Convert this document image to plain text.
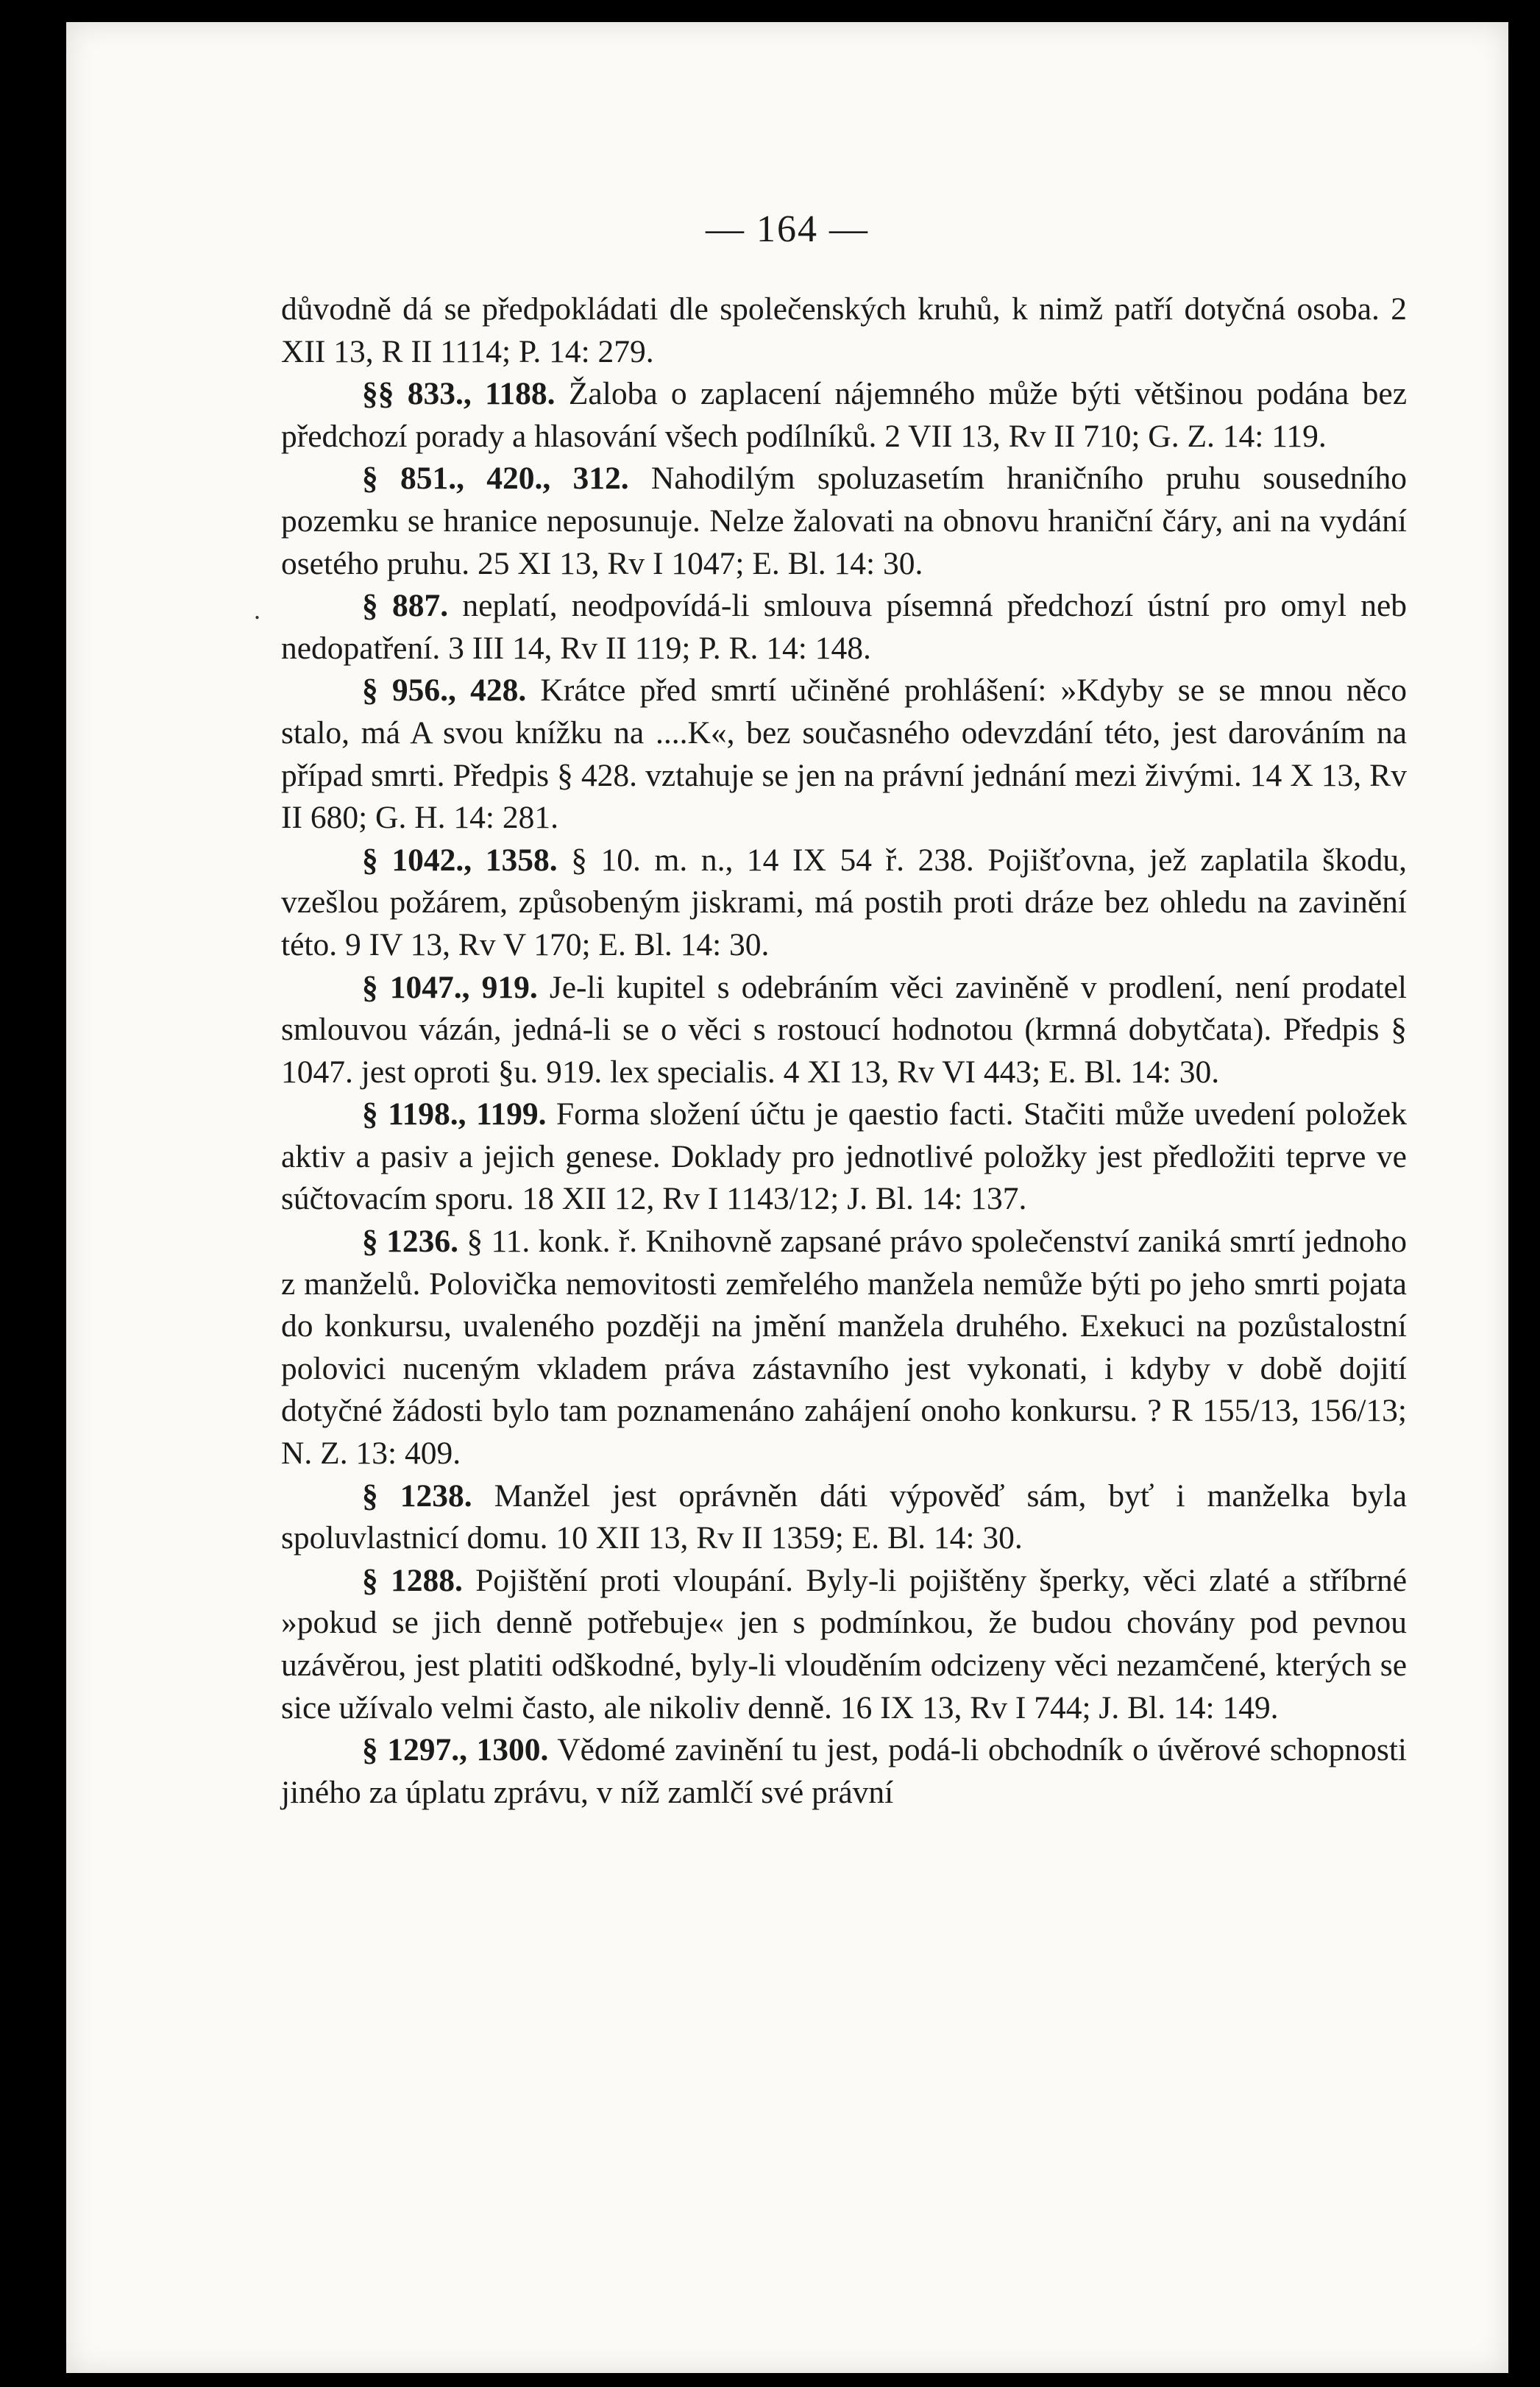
— 164 —
.

důvodně dá se předpokládati dle společenských kruhů, k nimž patří dotyčná osoba. 2 XII 13, R II 1114; P. 14: 279.

§§ 833., 1188. Žaloba o zaplacení nájemného může býti většinou podána bez předchozí porady a hlasování všech podílníků. 2 VII 13, Rv II 710; G. Z. 14: 119.

§ 851., 420., 312. Nahodilým spoluzasetím hraničního pruhu sousedního pozemku se hranice neposunuje. Nelze žalovati na obnovu hraniční čáry, ani na vydání osetého pruhu. 25 XI 13, Rv I 1047; E. Bl. 14: 30.

§ 887. neplatí, neodpovídá-li smlouva písemná předchozí ústní pro omyl neb nedopatření. 3 III 14, Rv II 119; P. R. 14: 148.

§ 956., 428. Krátce před smrtí učiněné prohlášení: »Kdyby se se mnou něco stalo, má A svou knížku na ....K«, bez současného odevzdání této, jest darováním na případ smrti. Předpis § 428. vztahuje se jen na právní jednání mezi živými. 14 X 13, Rv II 680; G. H. 14: 281.

§ 1042., 1358. § 10. m. n., 14 IX 54 ř. 238. Pojišťovna, jež zaplatila škodu, vzešlou požárem, způsobeným jiskrami, má postih proti dráze bez ohledu na zavinění této. 9 IV 13, Rv V 170; E. Bl. 14: 30.

§ 1047., 919. Je-li kupitel s odebráním věci zaviněně v prodlení, není prodatel smlouvou vázán, jedná-li se o věci s rostoucí hodnotou (krmná dobytčata). Předpis § 1047. jest oproti §u. 919. lex specialis. 4 XI 13, Rv VI 443; E. Bl. 14: 30.

§ 1198., 1199. Forma složení účtu je qaestio facti. Stačiti může uvedení položek aktiv a pasiv a jejich genese. Doklady pro jednotlivé položky jest předložiti teprve ve súčtovacím sporu. 18 XII 12, Rv I 1143/12; J. Bl. 14: 137.

§ 1236. § 11. konk. ř. Knihovně zapsané právo společenství zaniká smrtí jednoho z manželů. Polovička nemovitosti zemřelého manžela nemůže býti po jeho smrti pojata do konkursu, uvaleného později na jmění manžela druhého. Exekuci na pozůstalostní polovici nuceným vkladem práva zástavního jest vykonati, i kdyby v době dojití dotyčné žádosti bylo tam poznamenáno zahájení onoho konkursu. ? R 155/13, 156/13; N. Z. 13: 409.

§ 1238. Manžel jest oprávněn dáti výpověď sám, byť i manželka byla spoluvlastnicí domu. 10 XII 13, Rv II 1359; E. Bl. 14: 30.

§ 1288. Pojištění proti vloupání. Byly-li pojištěny šperky, věci zlaté a stříbrné »pokud se jich denně potřebuje« jen s podmínkou, že budou chovány pod pevnou uzávěrou, jest platiti odškodné, byly-li vlouděním odcizeny věci nezamčené, kterých se sice užívalo velmi často, ale nikoliv denně. 16 IX 13, Rv I 744; J. Bl. 14: 149.

§ 1297., 1300. Vědomé zavinění tu jest, podá-li obchodník o úvěrové schopnosti jiného za úplatu zprávu, v níž zamlčí své právní
